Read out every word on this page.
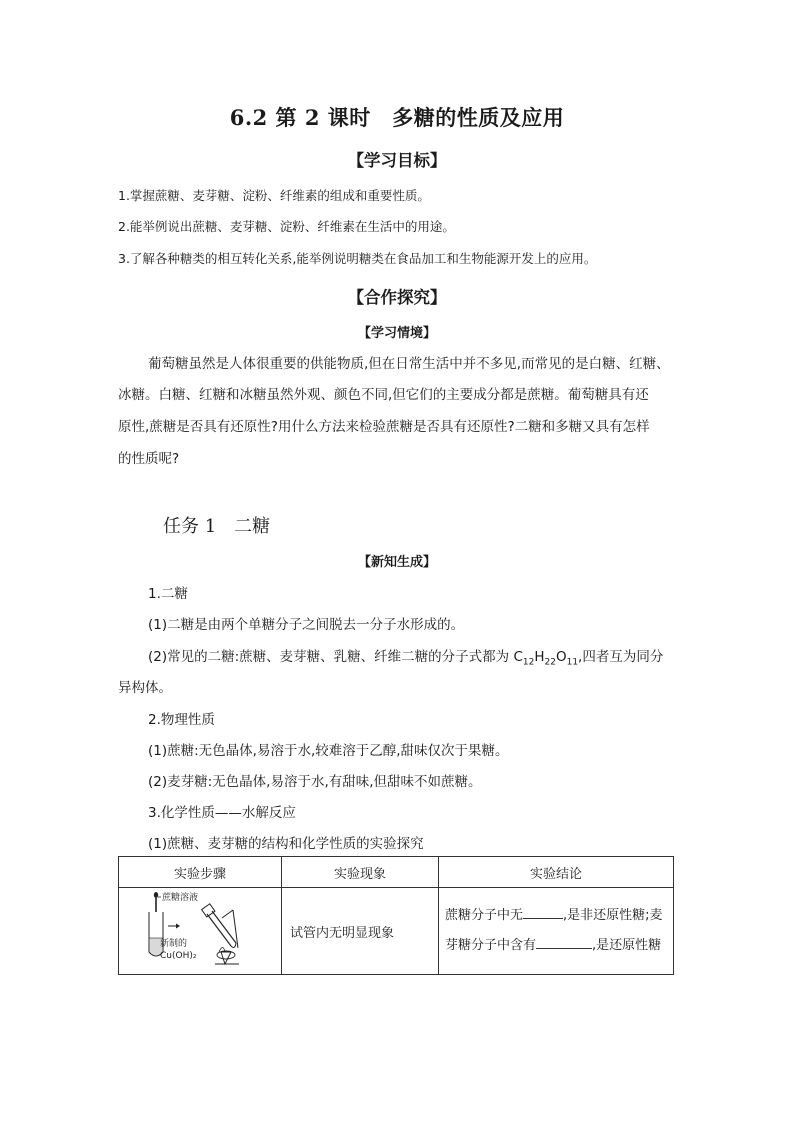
6.2 第 2 课时　多糖的性质及应用
【学习目标】
1.掌握蔗糖、麦芽糖、淀粉、纤维素的组成和重要性质。
2.能举例说出蔗糖、麦芽糖、淀粉、纤维素在生活中的用途。
3.了解各种糖类的相互转化关系,能举例说明糖类在食品加工和生物能源开发上的应用。
【合作探究】
【学习情境】
葡萄糖虽然是人体很重要的供能物质,但在日常生活中并不多见,而常见的是白糖、红糖、
冰糖。白糖、红糖和冰糖虽然外观、颜色不同,但它们的主要成分都是蔗糖。葡萄糖具有还
原性,蔗糖是否具有还原性?用什么方法来检验蔗糖是否具有还原性?二糖和多糖又具有怎样
的性质呢?
任务 1　二糖
【新知生成】
1.二糖
(1)二糖是由两个单糖分子之间脱去一分子水形成的。
(2)常见的二糖:蔗糖、麦芽糖、乳糖、纤维二糖的分子式都为 $C_{12}H_{22}O_{11}$,四者互为同分
异构体。
2.物理性质
(1)蔗糖:无色晶体,易溶于水,较难溶于乙醇,甜味仅次于果糖。
(2)麦芽糖:无色晶体,易溶于水,有甜味,但甜味不如蔗糖。
3.化学性质——水解反应
(1)蔗糖、麦芽糖的结构和化学性质的实验探究
实验步骤	实验现象	实验结论

蔗糖溶液
新制的
Cu(OH)₂	试管内无明显现象	蔗糖分子中无 ,是非还原性糖;麦
芽糖分子中含有 ,是还原性糖
